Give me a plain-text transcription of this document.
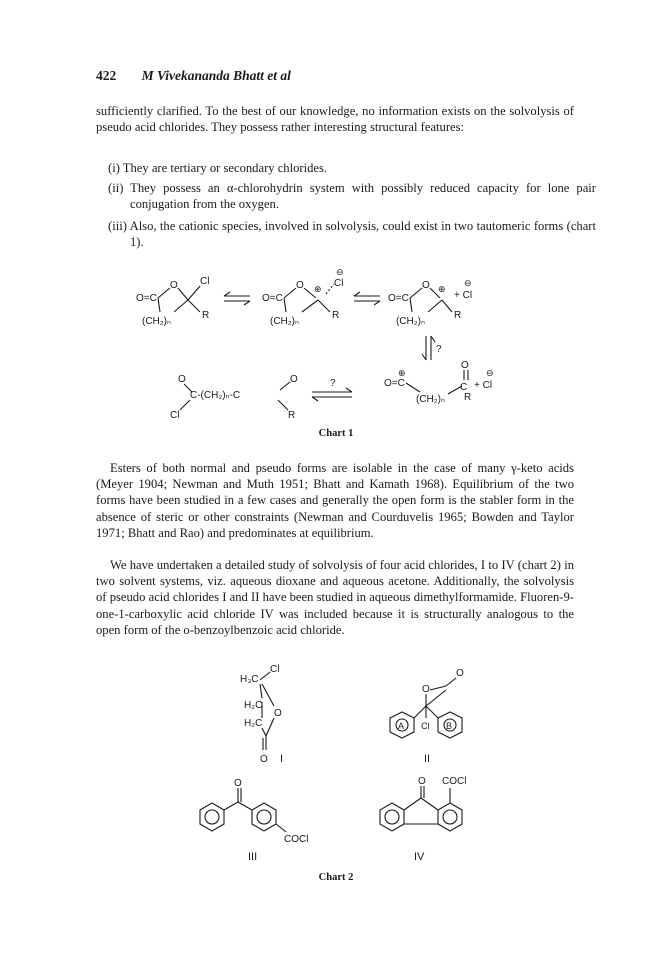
422 M Vivekananda Bhatt et al

sufficiently clarified. To the best of our knowledge, no information exists on the solvolysis of pseudo acid chlorides. They possess rather interesting structural features:

(i) They are tertiary or secondary chlorides.
(ii) They possess an α-chlorohydrin system with possibly reduced capacity for lone pair conjugation from the oxygen.
(iii) Also, the cationic species, involved in solvolysis, could exist in two tautomeric forms (chart 1).
O=C
O Cl
R
(CH₂)ₙ
O=C
O ⊕ Cl
⊖
R
(CH₂)ₙ
O=C
O ⊕
+ Cl
⊖
R
(CH₂)ₙ
?
O=C
⊕
(CH₂)ₙ
C
O
R
+ Cl
⊖
O
C-(CH₂)ₙ-C
Cl
O
R
?
Chart 1

Esters of both normal and pseudo forms are isolable in the case of many γ-keto acids (Meyer 1904; Newman and Muth 1951; Bhatt and Kamath 1968). Equilibrium of the two forms have been studied in a few cases and generally the open form is the stabler form in the absence of steric or other constraints (Newman and Courduvelis 1965; Bowden and Taylor 1971; Bhatt and Rao) and predominates at equilibrium.

We have undertaken a detailed study of solvolysis of four acid chlorides, I to IV (chart 2) in two solvent systems, viz. aqueous dioxane and aqueous acetone. Additionally, the solvolysis of pseudo acid chlorides I and II have been studied in aqueous dimethylformamide. Fluoren-9-one-1-carboxylic acid chloride IV was included because it is structurally analogous to the open form of the o-benzoylbenzoic acid chloride.

H₃C
Cl
H₂C
H₂C
O
O I
A	B
O
O
Cl
II
O
COCl
III
O COCl
IV
Chart 2
